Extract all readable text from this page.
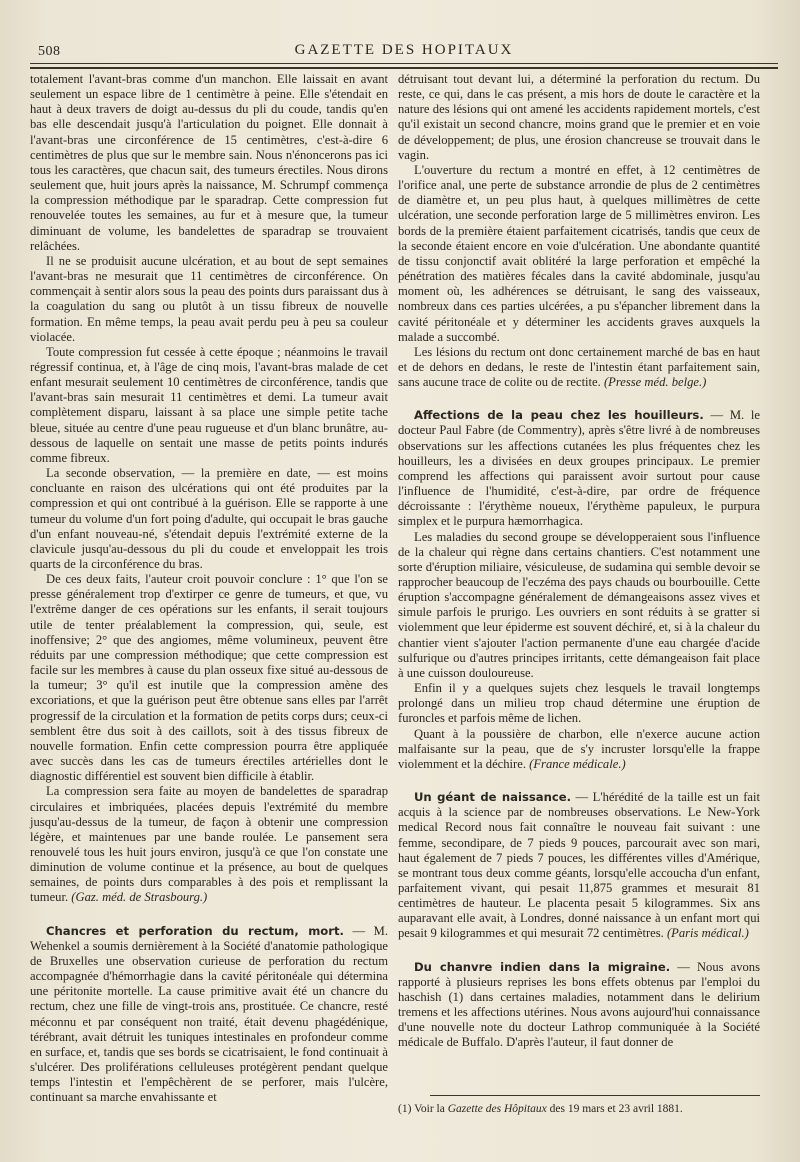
508	GAZETTE DES HOPITAUX

totalement l'avant-bras comme d'un manchon. Elle laissait en avant seulement un espace libre de 1 centimètre à peine. Elle s'étendait en haut à deux travers de doigt au-dessus du pli du coude, tandis qu'en bas elle descendait jusqu'à l'articulation du poignet. Elle donnait à l'avant-bras une circonférence de 15 centimètres, c'est-à-dire 6 centimètres de plus que sur le membre sain. Nous n'énoncerons pas ici tous les caractères, que chacun sait, des tumeurs érectiles. Nous dirons seulement que, huit jours après la naissance, M. Schrumpf commença la compression méthodique par le sparadrap. Cette compression fut renouvelée toutes les semaines, au fur et à mesure que, la tumeur diminuant de volume, les bandelettes de sparadrap se trouvaient relâchées.

Il ne se produisit aucune ulcération, et au bout de sept semaines l'avant-bras ne mesurait que 11 centimètres de circonférence. On commençait à sentir alors sous la peau des points durs paraissant dus à la coagulation du sang ou plutôt à un tissu fibreux de nouvelle formation. En même temps, la peau avait perdu peu à peu sa couleur violacée.

Toute compression fut cessée à cette époque ; néanmoins le travail régressif continua, et, à l'âge de cinq mois, l'avant-bras malade de cet enfant mesurait seulement 10 centimètres de circonférence, tandis que l'avant-bras sain mesurait 11 centimètres et demi. La tumeur avait complètement disparu, laissant à sa place une simple petite tache bleue, située au centre d'une peau rugueuse et d'un blanc brunâtre, au-dessous de laquelle on sentait une masse de petits points indurés comme fibreux.

La seconde observation, — la première en date, — est moins concluante en raison des ulcérations qui ont été produites par la compression et qui ont contribué à la guérison. Elle se rapporte à une tumeur du volume d'un fort poing d'adulte, qui occupait le bras gauche d'un enfant nouveau-né, s'étendait depuis l'extrémité externe de la clavicule jusqu'au-dessous du pli du coude et enveloppait les trois quarts de la circonférence du bras.

De ces deux faits, l'auteur croit pouvoir conclure : 1° que l'on se presse généralement trop d'extirper ce genre de tumeurs, et que, vu l'extrême danger de ces opérations sur les enfants, il serait toujours utile de tenter préalablement la compression, qui, seule, est inoffensive; 2° que des angiomes, même volumineux, peuvent être réduits par une compression méthodique; que cette compression est facile sur les membres à cause du plan osseux fixe situé au-dessous de la tumeur; 3° qu'il est inutile que la compression amène des excoriations, et que la guérison peut être obtenue sans elles par l'arrêt progressif de la circulation et la formation de petits corps durs; ceux-ci semblent être dus soit à des caillots, soit à des tissus fibreux de nouvelle formation. Enfin cette compression pourra être appliquée avec succès dans les cas de tumeurs érectiles artérielles dont le diagnostic différentiel est souvent bien difficile à établir.

La compression sera faite au moyen de bandelettes de sparadrap circulaires et imbriquées, placées depuis l'extrémité du membre jusqu'au-dessus de la tumeur, de façon à obtenir une compression légère, et maintenues par une bande roulée. Le pansement sera renouvelé tous les huit jours environ, jusqu'à ce que l'on constate une diminution de volume continue et la présence, au bout de quelques semaines, de points durs comparables à des pois et remplissant la tumeur. (Gaz. méd. de Strasbourg.)

Chancres et perforation du rectum, mort. — M. Wehenkel a soumis dernièrement à la Société d'anatomie pathologique de Bruxelles une observation curieuse de perforation du rectum accompagnée d'hémorrhagie dans la cavité péritonéale qui détermina une péritonite mortelle. La cause primitive avait été un chancre du rectum, chez une fille de vingt-trois ans, prostituée. Ce chancre, resté méconnu et par conséquent non traité, était devenu phagédénique, térébrant, avait détruit les tuniques intestinales en profondeur comme en surface, et, tandis que ses bords se cicatrisaient, le fond continuait à s'ulcérer. Des proliférations celluleuses protégèrent pendant quelque temps l'intestin et l'empêchèrent de se perforer, mais l'ulcère, continuant sa marche envahissante et

détruisant tout devant lui, a déterminé la perforation du rectum. Du reste, ce qui, dans le cas présent, a mis hors de doute le caractère et la nature des lésions qui ont amené les accidents rapidement mortels, c'est qu'il existait un second chancre, moins grand que le premier et en voie de développement; de plus, une érosion chancreuse se trouvait dans le vagin.

L'ouverture du rectum a montré en effet, à 12 centimètres de l'orifice anal, une perte de substance arrondie de plus de 2 centimètres de diamètre et, un peu plus haut, à quelques millimètres de cette ulcération, une seconde perforation large de 5 millimètres environ. Les bords de la première étaient parfaitement cicatrisés, tandis que ceux de la seconde étaient encore en voie d'ulcération. Une abondante quantité de tissu conjonctif avait oblitéré la large perforation et empêché la pénétration des matières fécales dans la cavité abdominale, jusqu'au moment où, les adhérences se détruisant, le sang des vaisseaux, nombreux dans ces parties ulcérées, a pu s'épancher librement dans la cavité péritonéale et y déterminer les accidents graves auxquels la malade a succombé.

Les lésions du rectum ont donc certainement marché de bas en haut et de dehors en dedans, le reste de l'intestin étant parfaitement sain, sans aucune trace de colite ou de rectite. (Presse méd. belge.)

Affections de la peau chez les houilleurs. — M. le docteur Paul Fabre (de Commentry), après s'être livré à de nombreuses observations sur les affections cutanées les plus fréquentes chez les houilleurs, les a divisées en deux groupes principaux. Le premier comprend les affections qui paraissent avoir surtout pour cause l'influence de l'humidité, c'est-à-dire, par ordre de fréquence décroissante : l'érythème noueux, l'érythème papuleux, le purpura simplex et le purpura hæmorrhagica.

Les maladies du second groupe se développeraient sous l'influence de la chaleur qui règne dans certains chantiers. C'est notamment une sorte d'éruption miliaire, vésiculeuse, de sudamina qui semble devoir se rapprocher beaucoup de l'eczéma des pays chauds ou bourbouille. Cette éruption s'accompagne généralement de démangeaisons assez vives et simule parfois le prurigo. Les ouvriers en sont réduits à se gratter si violemment que leur épiderme est souvent déchiré, et, si à la chaleur du chantier vient s'ajouter l'action permanente d'une eau chargée d'acide sulfurique ou d'autres principes irritants, cette démangeaison fait place à une cuisson douloureuse.

Enfin il y a quelques sujets chez lesquels le travail longtemps prolongé dans un milieu trop chaud détermine une éruption de furoncles et parfois même de lichen.

Quant à la poussière de charbon, elle n'exerce aucune action malfaisante sur la peau, que de s'y incruster lorsqu'elle la frappe violemment et la déchire. (France médicale.)

Un géant de naissance. — L'hérédité de la taille est un fait acquis à la science par de nombreuses observations. Le New-York medical Record nous fait connaître le nouveau fait suivant : une femme, secondipare, de 7 pieds 9 pouces, parcourait avec son mari, haut également de 7 pieds 7 pouces, les différentes villes d'Amérique, se montrant tous deux comme géants, lorsqu'elle accoucha d'un enfant, parfaitement vivant, qui pesait 11,875 grammes et mesurait 81 centimètres de hauteur. Le placenta pesait 5 kilogrammes. Six ans auparavant elle avait, à Londres, donné naissance à un enfant mort qui pesait 9 kilogrammes et qui mesurait 72 centimètres. (Paris médical.)

Du chanvre indien dans la migraine. — Nous avons rapporté à plusieurs reprises les bons effets obtenus par l'emploi du haschish (1) dans certaines maladies, notamment dans le delirium tremens et les affections utérines. Nous avons aujourd'hui connaissance d'une nouvelle note du docteur Lathrop communiquée à la Société médicale de Buffalo. D'après l'auteur, il faut donner de

(1) Voir la Gazette des Hôpitaux des 19 mars et 23 avril 1881.
